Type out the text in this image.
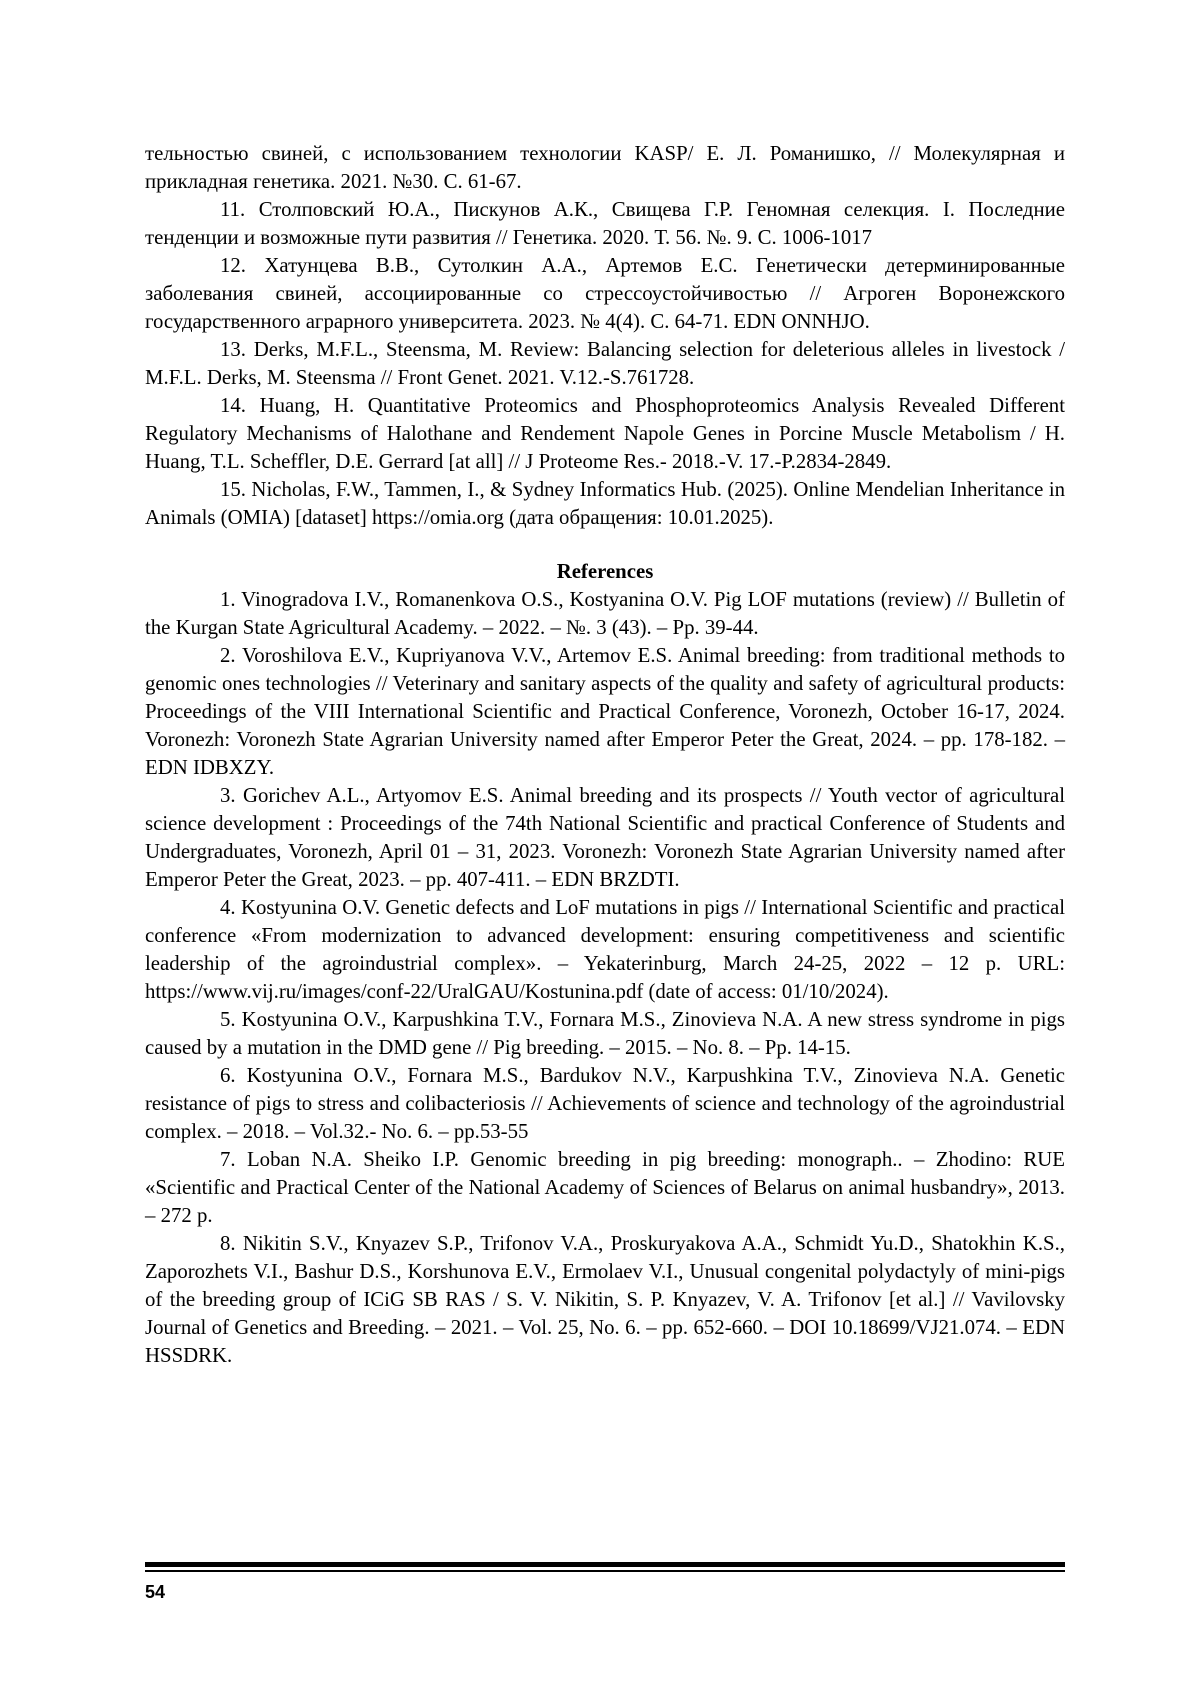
тельностью свиней, с использованием технологии KASP/ Е. Л. Романишко, // Молекулярная и прикладная генетика. 2021. №30. С. 61-67.

11. Столповский Ю.А., Пискунов А.К., Свищева Г.Р. Геномная селекция. I. Последние тенденции и возможные пути развития // Генетика. 2020. Т. 56. №. 9. С. 1006-1017

12. Хатунцева В.В., Сутолкин А.А., Артемов Е.С. Генетически детерминированные заболевания свиней, ассоциированные со стрессоустойчивостью // Агроген Воронежского государственного аграрного университета. 2023. № 4(4). С. 64-71. EDN ONNHJO.

13. Derks, M.F.L., Steensma, M. Review: Balancing selection for deleterious alleles in livestock / M.F.L. Derks, M. Steensma // Front Genet. 2021. V.12.-S.761728.

14. Huang, H. Quantitative Proteomics and Phosphoproteomics Analysis Revealed Different Regulatory Mechanisms of Halothane and Rendement Napole Genes in Porcine Muscle Metabolism / H. Huang, T.L. Scheffler, D.E. Gerrard [at all] // J Proteome Res.- 2018.-V. 17.-P.2834-2849.

15. Nicholas, F.W., Tammen, I., & Sydney Informatics Hub. (2025). Online Mendelian Inheritance in Animals (OMIA) [dataset] https://omia.org (дата обращения: 10.01.2025).

References

1. Vinogradova I.V., Romanenkova O.S., Kostyanina O.V. Pig LOF mutations (review) // Bulletin of the Kurgan State Agricultural Academy. – 2022. – №. 3 (43). – Pp. 39-44.

2. Voroshilova E.V., Kupriyanova V.V., Artemov E.S. Animal breeding: from traditional methods to genomic ones technologies // Veterinary and sanitary aspects of the quality and safety of agricultural products: Proceedings of the VIII International Scientific and Practical Conference, Voronezh, October 16-17, 2024. Voronezh: Voronezh State Agrarian University named after Emperor Peter the Great, 2024. – pp. 178-182. – EDN IDBXZY.

3. Gorichev A.L., Artyomov E.S. Animal breeding and its prospects // Youth vector of agricultural science development : Proceedings of the 74th National Scientific and practical Conference of Students and Undergraduates, Voronezh, April 01 – 31, 2023. Voronezh: Voronezh State Agrarian University named after Emperor Peter the Great, 2023. – pp. 407-411. – EDN BRZDTI.

4. Kostyunina O.V. Genetic defects and LoF mutations in pigs // International Scientific and practical conference «From modernization to advanced development: ensuring competitiveness and scientific leadership of the agroindustrial complex». – Yekaterinburg, March 24-25, 2022 – 12 p. URL: https://www.vij.ru/images/conf-22/UralGAU/Kostunina.pdf (date of access: 01/10/2024).

5. Kostyunina O.V., Karpushkina T.V., Fornara M.S., Zinovieva N.A. A new stress syndrome in pigs caused by a mutation in the DMD gene // Pig breeding. – 2015. – No. 8. – Pp. 14-15.

6. Kostyunina O.V., Fornara M.S., Bardukov N.V., Karpushkina T.V., Zinovieva N.A. Genetic resistance of pigs to stress and colibacteriosis // Achievements of science and technology of the agroindustrial complex. – 2018. – Vol.32.- No. 6. – pp.53-55

7. Loban N.A. Sheiko I.P. Genomic breeding in pig breeding: monograph.. – Zhodino: RUE «Scientific and Practical Center of the National Academy of Sciences of Belarus on animal husbandry», 2013. – 272 p.

8. Nikitin S.V., Knyazev S.P., Trifonov V.A., Proskuryakova A.A., Schmidt Yu.D., Shatokhin K.S., Zaporozhets V.I., Bashur D.S., Korshunova E.V., Ermolaev V.I., Unusual congenital polydactyly of mini-pigs of the breeding group of ICiG SB RAS / S. V. Nikitin, S. P. Knyazev, V. A. Trifonov [et al.] // Vavilovsky Journal of Genetics and Breeding. – 2021. – Vol. 25, No. 6. – pp. 652-660. – DOI 10.18699/VJ21.074. – EDN HSSDRK.

54
